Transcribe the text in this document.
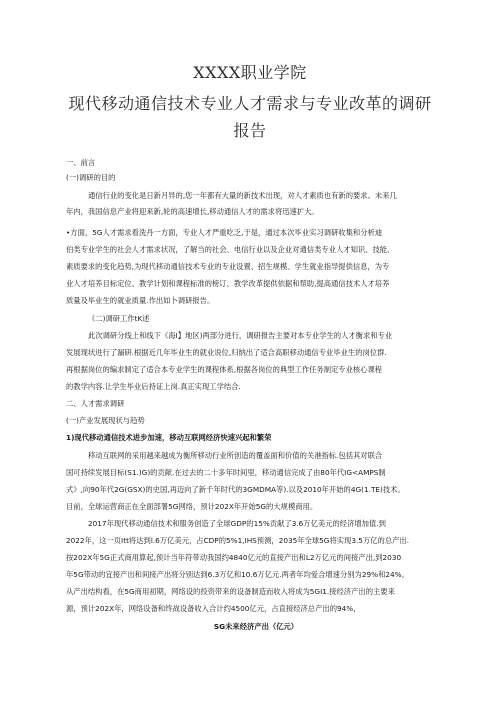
XXXX职业学院
现代移动通信技术专业人才需求与专业改革的调研
报告
一、前言
(一)调研的目的
通信行业的变化是日新月异的,您一年都有大量的新技术出现，对人才素质也有新的要求。未来几
年内，我国信息产业将迎来新,轮的高速增长,移动通信人才的需求将迅速扩大。
•方面，5G人才需求看洗丹一方面，专业人才严重吃乏,于是，通过本次毕业实习调研收集和分析迪
伯类专业学生的社会人才需求状况，了解当的社会、电信行业以及企业对通信类专业人才知识、技能、
素质要求的变化趋势,为现代移动通信技术专业的专业设置、招生规模、学生就业指导提供信息，为专
业人才培养目标定位、教学计划和课程标准的榜订、教学改革提供依据和帮助,提高通信技术人才培养
质量及毕业生的就业质量.作出如卜调研报告。
《二)调研工作tK述
此次调研分线上和线下《海I】地区)两部分进行，调研报告主要对本专业学生的人才衡求和专业
发展现状进行了漏研.根据近几年毕业生的就业说位,归纳出了适合高职移动通信专业毕业生的岗位群.
再根据岗位的编求制定了适合本专业学生的课程体系,根据各岗位的典型工作任务制定专业核心课程
的教学内容.让学生毕业后持证上岗.真正实现工学结合.
二、人才需求调研
(一)产业发展现状与趋势
1)现代移动通信技术进步加速，移动互联网经济快速兴起和繁荣
移动互联网的采用越来越成为衡所移动行业所创造的覆盖面和价值的关港指标.包括其对联合
国可持续发展目标(S1.)G)的贡献.在过去的二十多年时间里，移动通信完成了由80年代IG<AMPS制
式》,向90年代2G(GSX)的史国,再迈向了新千年时代的3GMDMA等).以及2010年开始的4G(1.TE)技术。
目前，全球运营商正在全面部署5G网络，预计202X年开始5G的大规模商用。
2017年现代移动通信技术和服务创造了全球GDP的15%贡献了3.6万亿美元的经济增加值.到
2022年，这一页Itt将达到l.6万亿美元，占CDP的5%1,IHS预测，2035年全球5G将实现3.5万亿的总产出.
按202X年5G正式商用算起,预计当年符带动我国约4840亿元的直接产出和L2万亿元的间接产出,到2030
年5G带动的宜接产出和间接产出将分别达到6.3万亿和10.6万亿元.两者年均爱合增速分别为29%和24%。
从产出结构看，在5G商用初期，网络设的投资带来的设备制造而收入将成为5GI1.接经济产出的主要来
源，预计202X年，网络设备和终战设备收入合计约4500亿元，占直接经济总产出的94%,
SG未来经济产出（亿元）
